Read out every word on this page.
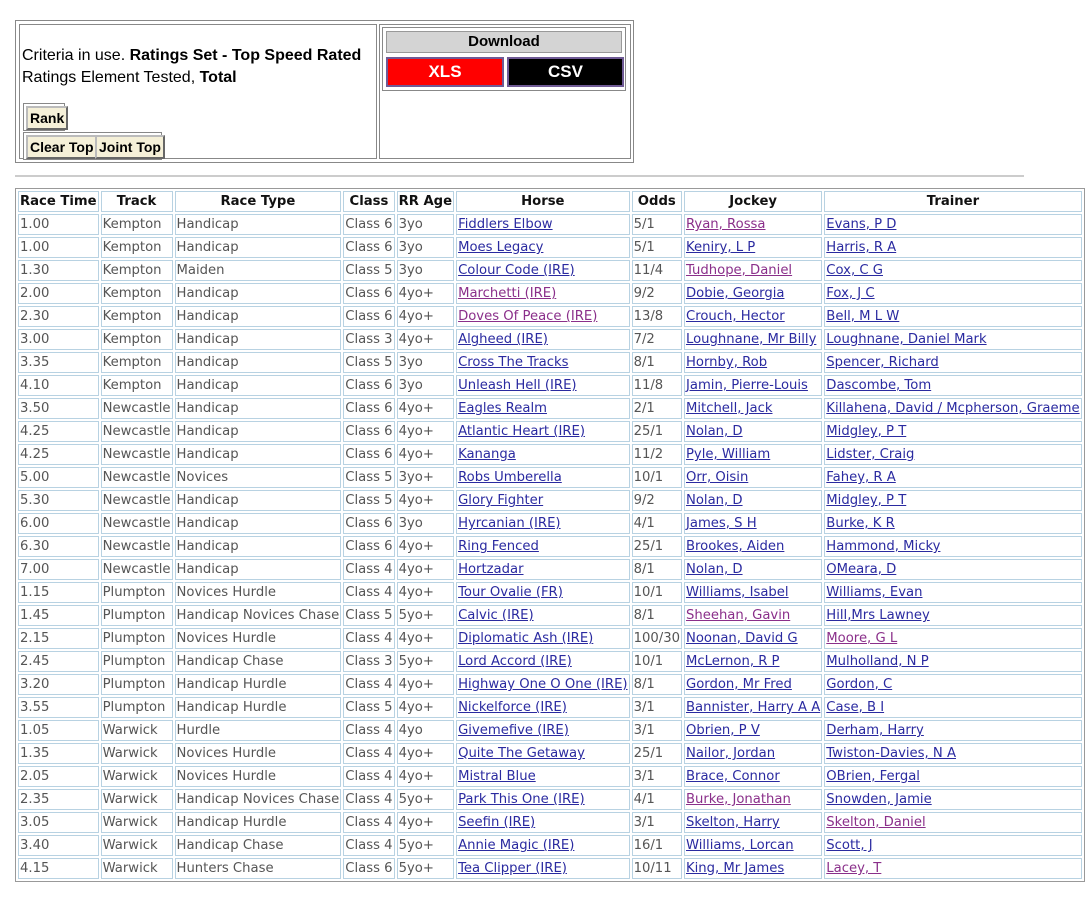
Criteria in use. Ratings Set - Top Speed Rated
Ratings Element Tested, Total
Rank
Clear Top Joint Top
Download
XLS	CSV
Race Time	Track	Race Type	Class	RR Age	Horse	Odds	Jockey	Trainer
1.00	Kempton	Handicap	Class 6	3yo	Fiddlers Elbow	5/1	Ryan, Rossa	Evans, P D
1.00	Kempton	Handicap	Class 6	3yo	Moes Legacy	5/1	Keniry, L P	Harris, R A
1.30	Kempton	Maiden	Class 5	3yo	Colour Code (IRE)	11/4	Tudhope, Daniel	Cox, C G
2.00	Kempton	Handicap	Class 6	4yo+	Marchetti (IRE)	9/2	Dobie, Georgia	Fox, J C
2.30	Kempton	Handicap	Class 6	4yo+	Doves Of Peace (IRE)	13/8	Crouch, Hector	Bell, M L W
3.00	Kempton	Handicap	Class 3	4yo+	Algheed (IRE)	7/2	Loughnane, Mr Billy	Loughnane, Daniel Mark
3.35	Kempton	Handicap	Class 5	3yo	Cross The Tracks	8/1	Hornby, Rob	Spencer, Richard
4.10	Kempton	Handicap	Class 6	3yo	Unleash Hell (IRE)	11/8	Jamin, Pierre-Louis	Dascombe, Tom
3.50	Newcastle	Handicap	Class 6	4yo+	Eagles Realm	2/1	Mitchell, Jack	Killahena, David / Mcpherson, Graeme
4.25	Newcastle	Handicap	Class 6	4yo+	Atlantic Heart (IRE)	25/1	Nolan, D	Midgley, P T
4.25	Newcastle	Handicap	Class 6	4yo+	Kananga	11/2	Pyle, William	Lidster, Craig
5.00	Newcastle	Novices	Class 5	3yo+	Robs Umberella	10/1	Orr, Oisin	Fahey, R A
5.30	Newcastle	Handicap	Class 5	4yo+	Glory Fighter	9/2	Nolan, D	Midgley, P T
6.00	Newcastle	Handicap	Class 6	3yo	Hyrcanian (IRE)	4/1	James, S H	Burke, K R
6.30	Newcastle	Handicap	Class 6	4yo+	Ring Fenced	25/1	Brookes, Aiden	Hammond, Micky
7.00	Newcastle	Handicap	Class 4	4yo+	Hortzadar	8/1	Nolan, D	OMeara, D
1.15	Plumpton	Novices Hurdle	Class 4	4yo+	Tour Ovalie (FR)	10/1	Williams, Isabel	Williams, Evan
1.45	Plumpton	Handicap Novices Chase	Class 5	5yo+	Calvic (IRE)	8/1	Sheehan, Gavin	Hill,Mrs Lawney
2.15	Plumpton	Novices Hurdle	Class 4	4yo+	Diplomatic Ash (IRE)	100/30	Noonan, David G	Moore, G L
2.45	Plumpton	Handicap Chase	Class 3	5yo+	Lord Accord (IRE)	10/1	McLernon, R P	Mulholland, N P
3.20	Plumpton	Handicap Hurdle	Class 4	4yo+	Highway One O One (IRE)	8/1	Gordon, Mr Fred	Gordon, C
3.55	Plumpton	Handicap Hurdle	Class 5	4yo+	Nickelforce (IRE)	3/1	Bannister, Harry A A	Case, B I
1.05	Warwick	Hurdle	Class 4	4yo	Givemefive (IRE)	3/1	Obrien, P V	Derham, Harry
1.35	Warwick	Novices Hurdle	Class 4	4yo+	Quite The Getaway	25/1	Nailor, Jordan	Twiston-Davies, N A
2.05	Warwick	Novices Hurdle	Class 4	4yo+	Mistral Blue	3/1	Brace, Connor	OBrien, Fergal
2.35	Warwick	Handicap Novices Chase	Class 4	5yo+	Park This One (IRE)	4/1	Burke, Jonathan	Snowden, Jamie
3.05	Warwick	Handicap Hurdle	Class 4	4yo+	Seefin (IRE)	3/1	Skelton, Harry	Skelton, Daniel
3.40	Warwick	Handicap Chase	Class 4	5yo+	Annie Magic (IRE)	16/1	Williams, Lorcan	Scott, J
4.15	Warwick	Hunters Chase	Class 6	5yo+	Tea Clipper (IRE)	10/11	King, Mr James	Lacey, T
